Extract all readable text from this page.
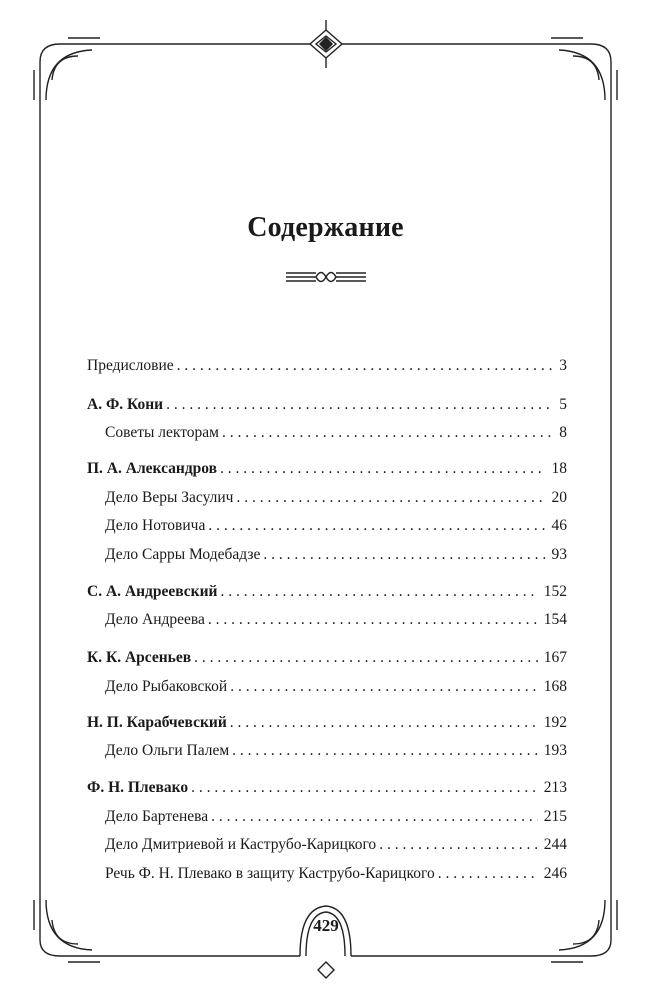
Содержание
Предисловие . . .	3
А. Ф. Кони . . .	5
Советы лекторам . . .	8
П. А. Александров . . .	18
Дело Веры Засулич . . .	20
Дело Нотовича . . .	46
Дело Сарры Модебадзе . . .	93
С. А. Андреевский . . .	152
Дело Андреева . . .	154
К. К. Арсеньев . . .	167
Дело Рыбаковской . . .	168
Н. П. Карабчевский . . .	192
Дело Ольги Палем . . .	193
Ф. Н. Плевако . . .	213
Дело Бартенева . . .	215
Дело Дмитриевой и Каструбо-Карицкого . . .	244
Речь Ф. Н. Плевако в защиту Каструбо-Карицкого . . .	246
429
